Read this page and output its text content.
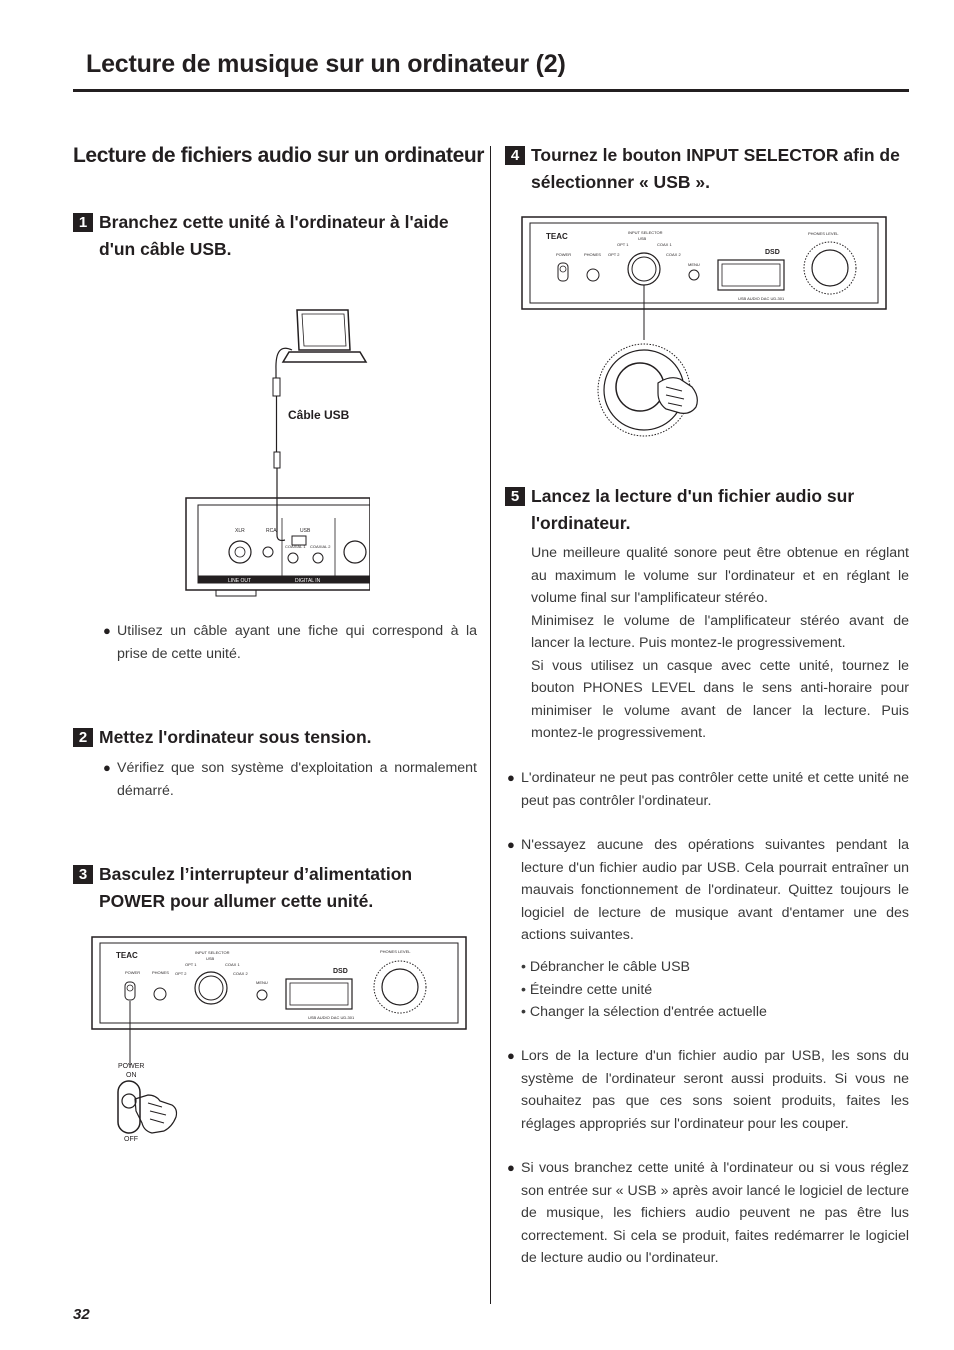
Lecture de musique sur un ordinateur (2)
Lecture de fichiers audio sur un ordinateur
1 Branchez cette unité à l'ordinateur à l'aide d'un câble USB.
Câble USB
XLR	RCA	USB
COAXIAL 1 COAXIAL 2
LINE OUT	DIGITAL IN
● Utilisez un câble ayant une fiche qui correspond à la prise de cette unité.
2 Mettez l'ordinateur sous tension.
● Vérifiez que son système d'exploitation a normalement démarré.
3 Basculez l’interrupteur d’alimentation POWER pour allumer cette unité.
TEAC	INPUT SELECTOR
USB
OPT 1
OPT 2
COAX 1
COAX 2
POWER	PHONES
MENU
DSD
PHONES LEVEL
USB AUDIO DAC UD-301
POWER
ON
OFF
4 Tournez le bouton INPUT SELECTOR afin de sélectionner « USB ».
TEAC	INPUT SELECTOR
USB
OPT 1
OPT 2
COAX 1
COAX 2
POWER	PHONES
MENU
DSD
PHONES LEVEL
USB AUDIO DAC UD-301
5 Lancez la lecture d'un fichier audio sur l'ordinateur.

Une meilleure qualité sonore peut être obtenue en réglant au maximum le volume sur l'ordinateur et en réglant le volume final sur l'amplificateur stéréo.

Minimisez le volume de l'amplificateur stéréo avant de lancer la lecture. Puis montez-le progressivement.

Si vous utilisez un casque avec cette unité, tournez le bouton PHONES LEVEL dans le sens anti-horaire pour minimiser le volume avant de lancer la lecture. Puis montez-le progressivement.

● L'ordinateur ne peut pas contrôler cette unité et cette unité ne peut pas contrôler l'ordinateur.
● N'essayez aucune des opérations suivantes pendant la lecture d'un fichier audio par USB. Cela pourrait entraîner un mauvais fonctionnement de l'ordinateur. Quittez toujours le logiciel de lecture de musique avant d'entamer une des actions suivantes.
• Débrancher le câble USB
• Éteindre cette unité
• Changer la sélection d'entrée actuelle
● Lors de la lecture d'un fichier audio par USB, les sons du système de l'ordinateur seront aussi produits. Si vous ne souhaitez pas que ces sons soient produits, faites les réglages appropriés sur l'ordinateur pour les couper.
● Si vous branchez cette unité à l'ordinateur ou si vous réglez son entrée sur « USB » après avoir lancé le logiciel de lecture de musique, les fichiers audio peuvent ne pas être lus correctement. Si cela se produit, faites redémarrer le logiciel de lecture audio ou l'ordinateur.
32
